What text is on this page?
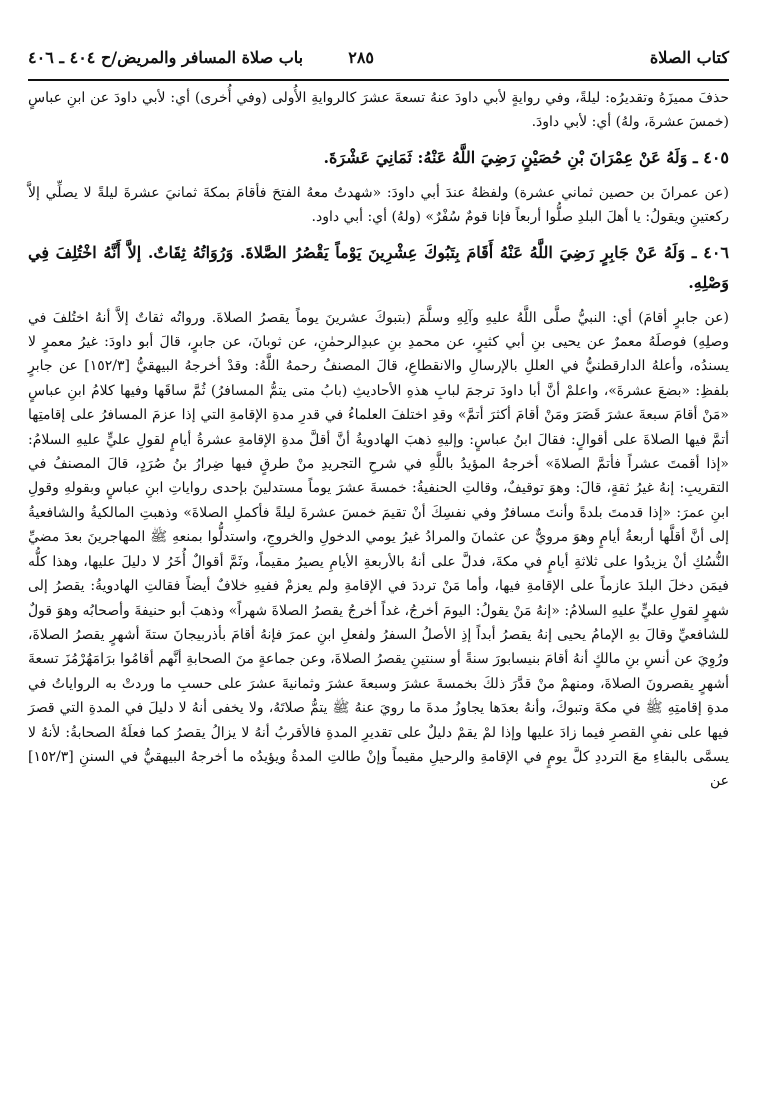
كتاب الصلاة
٢٨٥
باب صلاة المسافر والمريض/ح ٤٠٤ ـ ٤٠٦

حذفَ مميزَهُ وتقديرُه: ليلةً، وفي روايةٍ لأبي داودَ عنهُ تسعةَ عشرَ كالروايةِ الأُولى (وفي أُخرى) أي: لأبي داودَ عن ابنِ عباسٍ (خمسَ عشرةَ، ولهُ) أي: لأبي داودَ.

٤٠٥ ـ وَلَهُ عَنْ عِمْرَانَ بْنِ حُصَيْنٍ رَضِيَ اللَّهُ عَنْهُ: ثَمَانِيَ عَشْرَةَ.

(عن عمرانَ بن حصين ثماني عشرة) ولفظهُ عندَ أبي داودَ: «شهدتُ معهُ الفتحَ فأقامَ بمكةَ ثمانيَ عشرةَ ليلةً لا يصلِّي إلاَّ ركعتينِ ويقولُ: يا أهلَ البلدِ صلُّوا أربعاً فإنا قومٌ سُفْرٌ» (ولهُ) أي: أبي داود.

٤٠٦ ـ وَلَهُ عَنْ جَابِرٍ رَضِيَ اللَّهُ عَنْهُ أَقَامَ بِتَبُوكَ عِشْرِينَ يَوْماً يَقْصُرُ الصَّلاةَ. وَرُوَاتُهُ ثِقَاتٌ. إلاَّ أَنَّهُ اخْتُلِفَ فِي وَصْلِهِ.

(عن جابرٍ أقامَ) أي: النبيُّ صلَّى اللَّهُ عليهِ وآلِهِ وسلَّمَ (بتبوكَ عشرينَ يوماً يقصرُ الصلاةَ. ورواتُه ثقاتٌ إلاَّ أنهُ اختُلفَ في وصلِهِ) فوصلَهُ معمرٌ عن يحيى بنِ أبي كثيرٍ، عن محمدِ بنِ عبدِالرحمٰنِ، عن ثوبانَ، عن جابرٍ، قالَ أبو داودَ: غيرُ معمرٍ لا يسندُه، وأعلهُ الدارقطنيُّ في العللِ بالإرسالِ والانقطاعِ، قالَ المصنفُ رحمهُ اللَّهُ: وقدْ أخرجهُ البيهقيُّ [١٥٢/٣] عن جابرٍ بلفظِ: «بضعَ عشرةَ»، واعلمْ أنَّ أبا داودَ ترجمَ لبابِ هذهِ الأحاديثِ (بابُ متى يتمُّ المسافرُ) ثُمَّ ساقَها وفيها كلامُ ابنِ عباسٍ «مَنْ أقامَ سبعةَ عشرَ قَصَرَ ومَنْ أقامَ أكثرَ أتمَّ» وقدِ اختلفَ العلماءُ في قدرِ مدةِ الإقامةِ التي إذا عزمَ المسافرُ على إقامتِها أتمَّ فيها الصلاةَ على أقوالٍ: فقالَ ابنُ عباسٍ: وإليهِ ذهبَ الهادويةُ أنَّ أقلَّ مدةِ الإقامةِ عشرةُ أيامٍ لقولِ عليٍّ عليهِ السلامُ: «إذا أقمتَ عشراً فأتمَّ الصلاةَ» أخرجهُ المؤيدُ باللَّهِ في شرحِ التجريدِ منْ طرقٍ فيها ضِرارُ بنُ صُرَدٍ، قالَ المصنفُ في التقريبِ: إنهُ غيرُ ثقةٍ، قالَ: وهوَ توقيفٌ، وقالتِ الحنفيةُ: خمسةَ عشرَ يوماً مستدلينَ بإحدى رواياتِ ابنِ عباسٍ وبقولهِ وقولِ ابنِ عمرَ: «إذا قدمتَ بلدةً وأنتَ مسافرٌ وفي نفسِكَ أنْ تقيمَ خمسَ عشرةَ ليلةً فأكملِ الصلاةَ» وذهبتِ المالكيةُ والشافعيةُ إلى أنَّ أقلَّها أربعةُ أيامٍ وهوَ مرويٌّ عن عثمانَ والمرادُ غيرُ يومي الدخولِ والخروجِ، واستدلُّوا بمنعهِ ﷺ المهاجرينَ بعدَ مضيِّ النُّسُكِ أنْ يزيدُوا على ثلاثةِ أيامٍ في مكةَ، فدلَّ على أنهُ بالأربعةِ الأيامِ يصيرُ مقيماً، وثَمَّ أقوالٌ أُخَرُ لا دليلَ عليها، وهذا كلُّه فيمَن دخلَ البلدَ عازماً على الإقامةِ فيها، وأما مَنْ ترددَ في الإقامةِ ولم يعزمْ ففيهِ خلافٌ أيضاً فقالتِ الهادويةُ: يقصرُ إلى شهرٍ لقولِ عليٍّ عليهِ السلامُ: «إنهُ مَنْ يقولُ: اليومَ أخرجُ، غداً أخرجُ يقصرُ الصلاةَ شهراً» وذهبَ أبو حنيفةَ وأصحابُه وهوَ قولٌ للشافعيِّ وقالَ بهِ الإمامُ يحيى إنهُ يقصرُ أبداً إذِ الأصلُ السفرُ ولفعلِ ابنِ عمرَ فإنهُ أقامَ بأذربيجانَ ستةَ أشهرٍ يقصرُ الصلاةَ، ورُوِيَ عن أنسِ بنِ مالكٍ أنهُ أقامَ بنيسابورَ سنةً أو سنتينِ يقصرُ الصلاةَ، وعن جماعةٍ منَ الصحابةِ أنَّهم أقامُوا برَامَهُرْمُزَ تسعةَ أشهرٍ يقصرونَ الصلاةَ، ومنهمْ منْ قدَّرَ ذلكَ بخمسةَ عشرَ وسبعةَ عشرَ وثمانيةَ عشرَ على حسبِ ما وردتْ به الرواياتُ في مدةِ إقامتِهِ ﷺ في مكةَ وتبوكَ، وأنهُ بعدَها يجاوزُ مدةَ ما رويَ عنهُ ﷺ يتمُّ صلاتَهُ، ولا يخفى أنهُ لا دليلَ في المدةِ التي قصرَ فيها على نفيِ القصرِ فيما زادَ عليها وإذا لمْ يقمْ دليلٌ على تقديرِ المدةِ فالأقربُ أنهُ لا يزالُ يقصرُ كما فعلَهُ الصحابةُ: لأنهُ لا يسمَّى بالبقاءِ معَ الترددِ كلَّ يومٍ في الإقامةِ والرحيلِ مقيماً وإنْ طالتِ المدةُ ويؤيدُه ما أخرجهُ البيهقيُّ في السننِ [١٥٢/٣] عن
